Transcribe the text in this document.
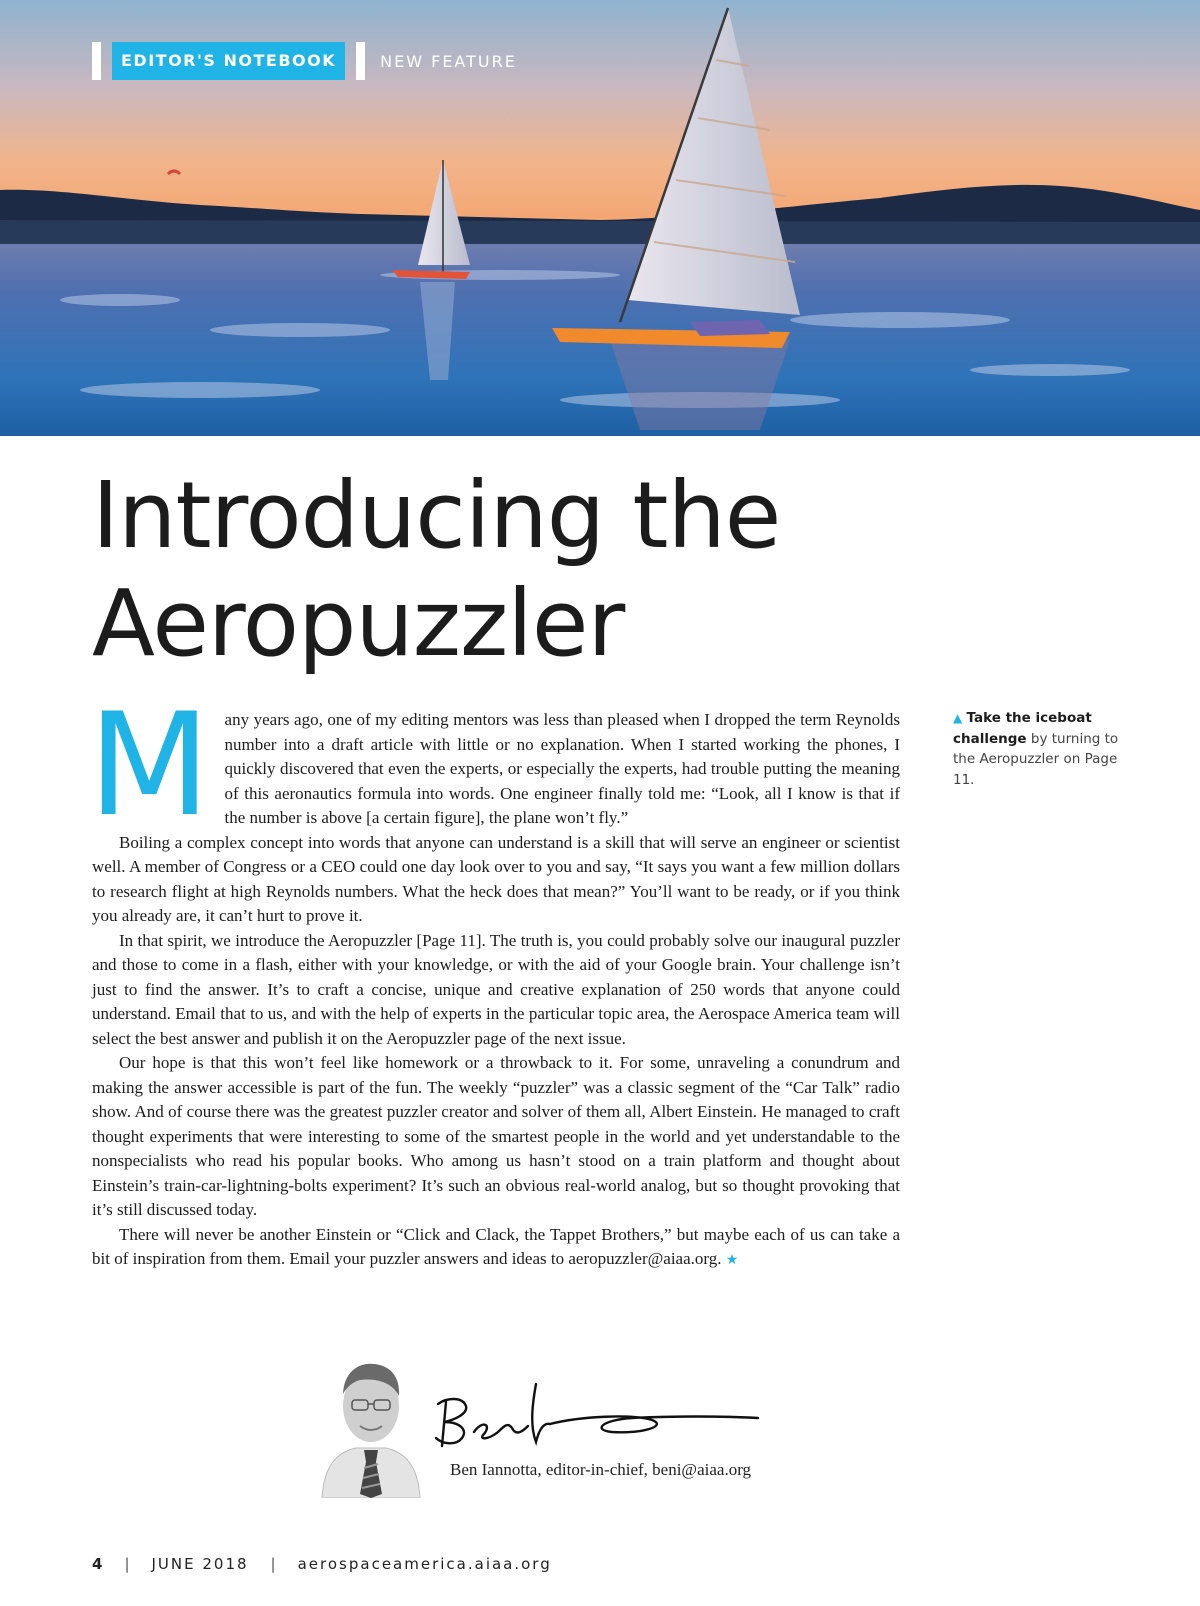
EDITOR'S NOTEBOOK	NEW FEATURE
Introducing the
Aeropuzzler

Many years ago, one of my editing mentors was less than pleased when I dropped the term Reynolds number into a draft article with little or no explanation. When I started working the phones, I quickly discovered that even the experts, or especially the experts, had trouble putting the meaning of this aeronautics formula into words. One engineer finally told me: “Look, all I know is that if the number is above [a certain figure], the plane won’t fly.”

Boiling a complex concept into words that anyone can understand is a skill that will serve an engineer or scientist well. A member of Congress or a CEO could one day look over to you and say, “It says you want a few million dollars to research flight at high Reynolds numbers. What the heck does that mean?” You’ll want to be ready, or if you think you already are, it can’t hurt to prove it.

In that spirit, we introduce the Aeropuzzler [Page 11]. The truth is, you could probably solve our inaugural puzzler and those to come in a flash, either with your knowledge, or with the aid of your Google brain. Your challenge isn’t just to find the answer. It’s to craft a concise, unique and creative explanation of 250 words that anyone could understand. Email that to us, and with the help of experts in the particular topic area, the Aerospace America team will select the best answer and publish it on the Aeropuzzler page of the next issue.

Our hope is that this won’t feel like homework or a throwback to it. For some, unraveling a conundrum and making the answer accessible is part of the fun. The weekly “puzzler” was a classic segment of the “Car Talk” radio show. And of course there was the greatest puzzler creator and solver of them all, Albert Einstein. He managed to craft thought experiments that were interesting to some of the smartest people in the world and yet understandable to the nonspecialists who read his popular books. Who among us hasn’t stood on a train platform and thought about Einstein’s train-car-lightning-bolts experiment? It’s such an obvious real-world analog, but so thought provoking that it’s still discussed today.

There will never be another Einstein or “Click and Clack, the Tappet Brothers,” but maybe each of us can take a bit of inspiration from them. Email your puzzler answers and ideas to aeropuzzler@aiaa.org. ★

▲ Take the iceboat challenge by turning to the Aeropuzzler on Page 11.
Ben Iannotta, editor-in-chief, beni@aiaa.org
4 | JUNE 2018 | aerospaceamerica.aiaa.org
